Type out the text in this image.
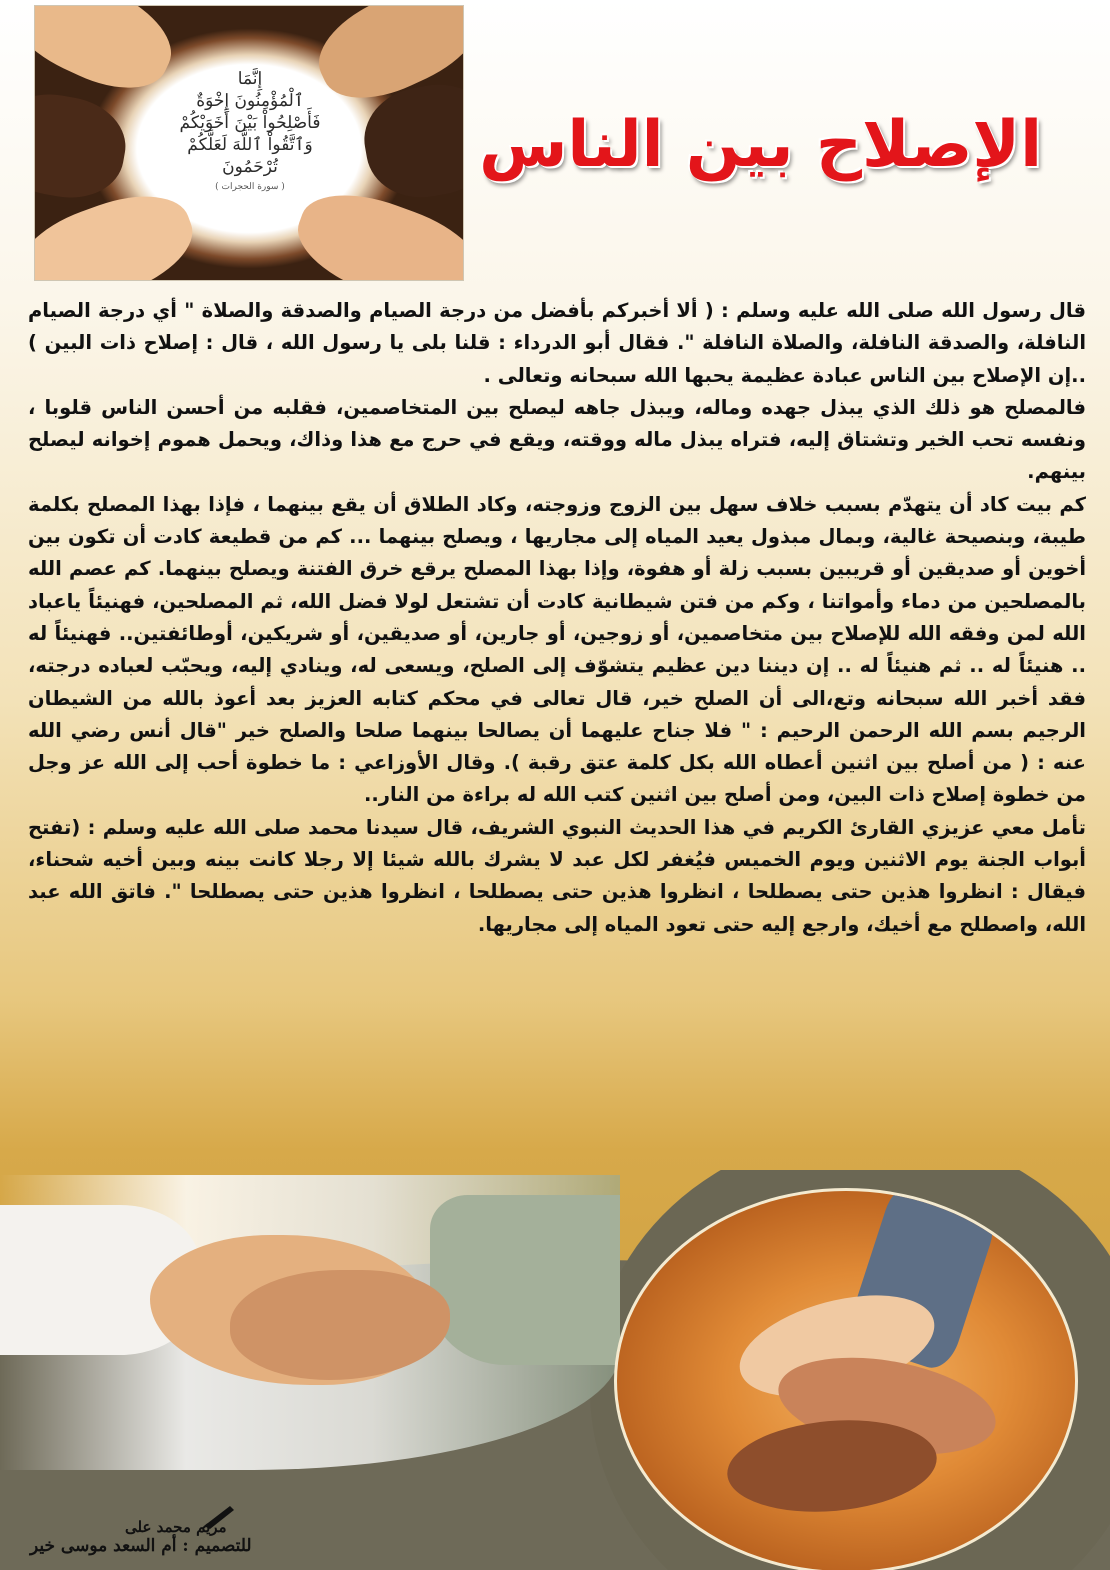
إِنَّمَا
ٱلْمُؤْمِنُونَ إِخْوَةٌ
فَأَصْلِحُواْ بَيْنَ أَخَوَيْكُمْ
وَٱتَّقُواْ ٱللَّهَ لَعَلَّكُمْ
تُرْحَمُونَ
( سورة الحجرات )
الإصلاح بين الناس

قال رسول الله صلى الله عليه وسلم : ( ألا أخبركم بأفضل من درجة الصيام والصدقة والصلاة " أي درجة الصيام النافلة، والصدقة النافلة، والصلاة النافلة ". فقال أبو الدرداء : قلنا بلى يا رسول الله ، قال : إصلاح ذات البين ) ..إن الإصلاح بين الناس عبادة عظيمة يحبها الله سبحانه وتعالى .

فالمصلح هو ذلك الذي يبذل جهده وماله، ويبذل جاهه ليصلح بين المتخاصمين، فقلبه من أحسن الناس قلوبا ، ونفسه تحب الخير وتشتاق إليه، فتراه يبذل ماله ووقته، ويقع في حرج مع هذا وذاك، ويحمل هموم إخوانه ليصلح بينهم.

كم بيت كاد أن يتهدّم بسبب خلاف سهل بين الزوج وزوجته، وكاد الطلاق أن يقع بينهما ، فإذا بهذا المصلح بكلمة طيبة، وبنصيحة غالية، وبمال مبذول يعيد المياه إلى مجاريها ، ويصلح بينهما ... كم من قطيعة كادت أن تكون بين أخوين أو صديقين أو قريبين بسبب زلة أو هفوة، وإذا بهذا المصلح يرقع خرق الفتنة ويصلح بينهما. كم عصم الله بالمصلحين من دماء وأمواتنا ، وكم من فتن شيطانية كادت أن تشتعل لولا فضل الله، ثم المصلحين، فهنيئاً ياعباد الله لمن وفقه الله للإصلاح بين متخاصمين، أو زوجين، أو جارين، أو صديقين، أو شريكين، أوطائفتين.. فهنيئاً له .. هنيئاً له .. ثم هنيئاً له .. إن ديننا دين عظيم يتشوّف إلى الصلح، ويسعى له، وينادي إليه، ويحبّب لعباده درجته، فقد أخبر الله سبحانه وتع،الى أن الصلح خير، قال تعالى في محكم كتابه العزيز بعد أعوذ بالله من الشيطان الرجيم بسم الله الرحمن الرحيم : " فلا جناح عليهما أن يصالحا بينهما صلحا والصلح خير "قال أنس رضي الله عنه : ( من أصلح بين اثنين أعطاه الله بكل كلمة عتق رقبة ). وقال الأوزاعي : ما خطوة أحب إلى الله عز وجل من خطوة إصلاح ذات البين، ومن أصلح بين اثنين كتب الله له براءة من النار..

تأمل معي عزيزي القارئ الكريم في هذا الحديث النبوي الشريف، قال سيدنا محمد صلى الله عليه وسلم : (تفتح أبواب الجنة يوم الاثنين ويوم الخميس فيُغفر لكل عبد لا يشرك بالله شيئا إلا رجلا كانت بينه وبين أخيه شحناء، فيقال : انظروا هذين حتى يصطلحا ، انظروا هذين حتى يصطلحا ، انظروا هذين حتى يصطلحا ". فاتق الله عبد الله، واصطلح مع أخيك، وارجع إليه حتى تعود المياه إلى مجاريها.

مريم محمد على
للتصميم : أم السعد موسى خير
